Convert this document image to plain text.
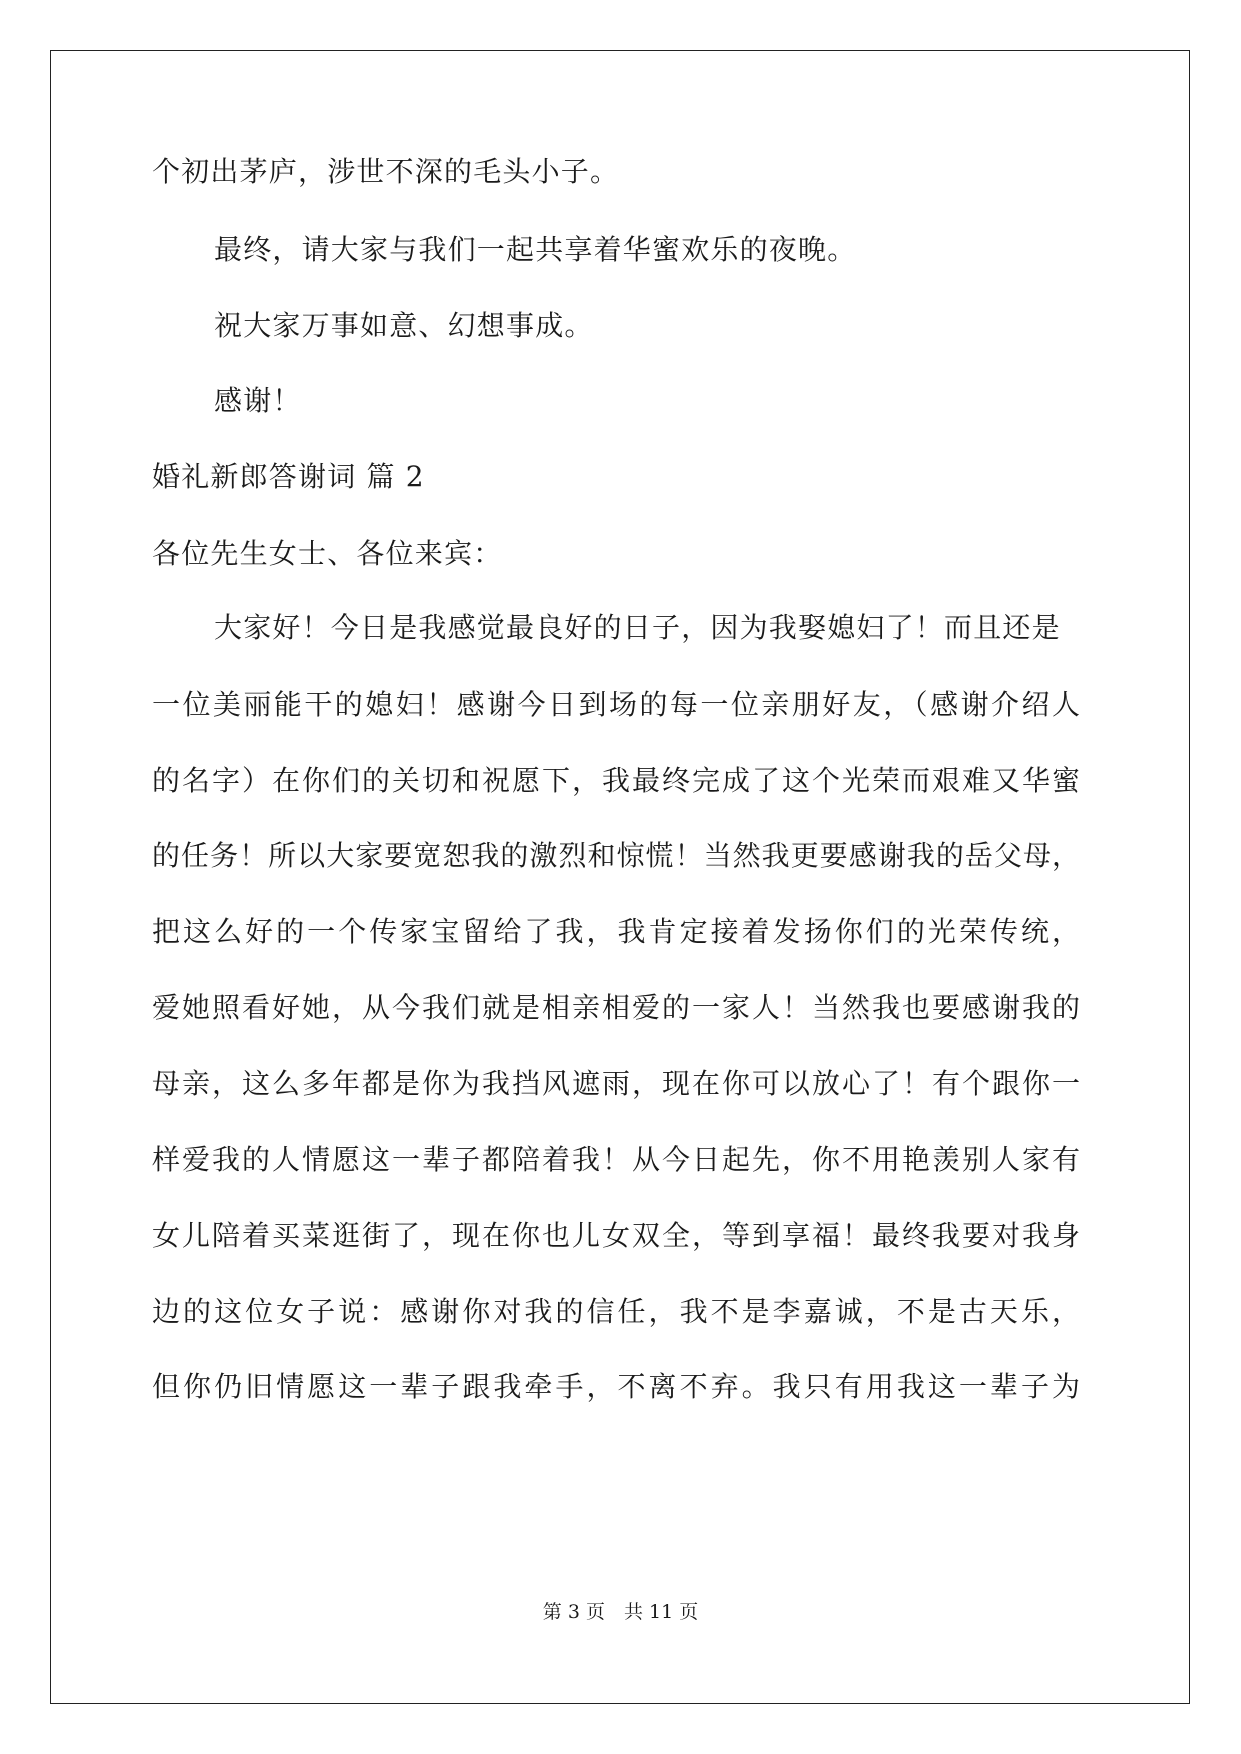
个初出茅庐，涉世不深的毛头小子。
最终，请大家与我们一起共享着华蜜欢乐的夜晚。
祝大家万事如意、幻想事成。
感谢！
婚礼新郎答谢词 篇 2
各位先生女士、各位来宾：
大家好！今日是我感觉最良好的日子，因为我娶媳妇了！而且还是
一位美丽能干的媳妇！感谢今日到场的每一位亲朋好友，（感谢介绍人
的名字）在你们的关切和祝愿下，我最终完成了这个光荣而艰难又华蜜
的任务！所以大家要宽恕我的激烈和惊慌！当然我更要感谢我的岳父母，
把这么好的一个传家宝留给了我，我肯定接着发扬你们的光荣传统，
爱她照看好她，从今我们就是相亲相爱的一家人！当然我也要感谢我的
母亲，这么多年都是你为我挡风遮雨，现在你可以放心了！有个跟你一
样爱我的人情愿这一辈子都陪着我！从今日起先，你不用艳羡别人家有
女儿陪着买菜逛街了，现在你也儿女双全，等到享福！最终我要对我身
边的这位女子说：感谢你对我的信任，我不是李嘉诚，不是古天乐，
但你仍旧情愿这一辈子跟我牵手，不离不弃。我只有用我这一辈子为
第 3 页　共 11 页
